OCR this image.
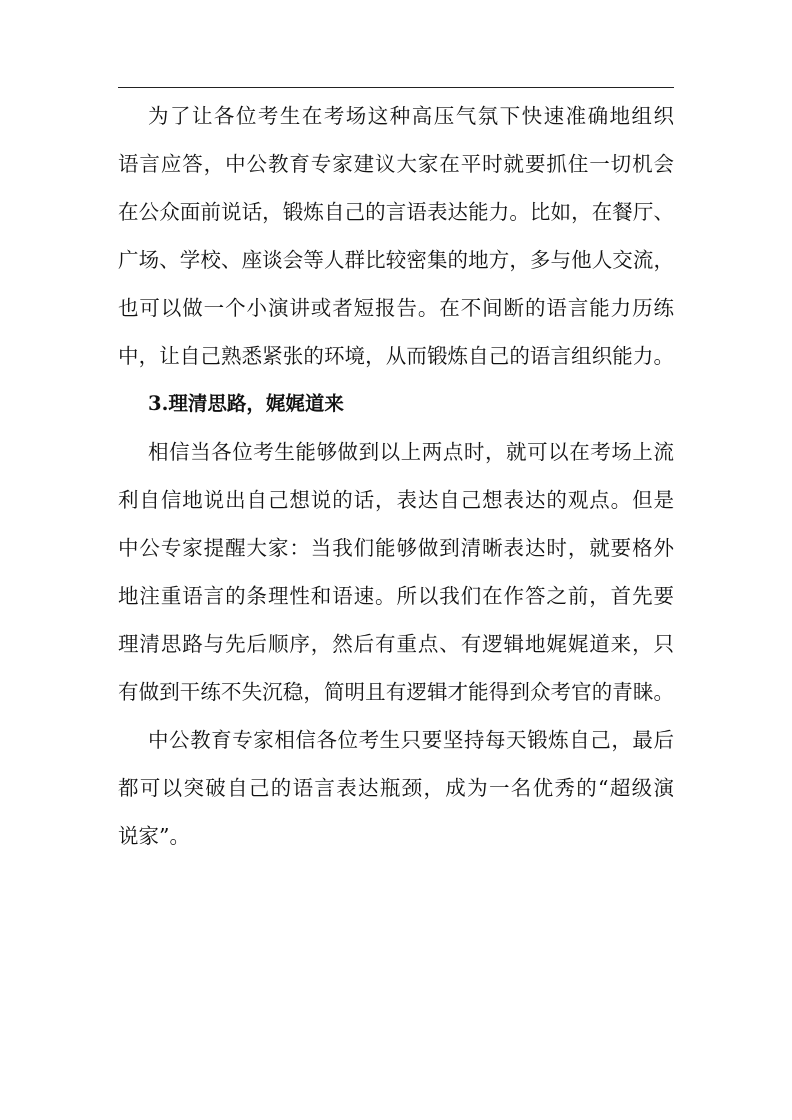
为了让各位考生在考场这种高压气氛下快速准确地组织
语言应答，中公教育专家建议大家在平时就要抓住一切机会
在公众面前说话，锻炼自己的言语表达能力。比如，在餐厅、
广场、学校、座谈会等人群比较密集的地方，多与他人交流，
也可以做一个小演讲或者短报告。在不间断的语言能力历练
中，让自己熟悉紧张的环境，从而锻炼自己的语言组织能力。
3.理清思路，娓娓道来
相信当各位考生能够做到以上两点时，就可以在考场上流
利自信地说出自己想说的话，表达自己想表达的观点。但是
中公专家提醒大家：当我们能够做到清晰表达时，就要格外
地注重语言的条理性和语速。所以我们在作答之前，首先要
理清思路与先后顺序，然后有重点、有逻辑地娓娓道来，只
有做到干练不失沉稳，简明且有逻辑才能得到众考官的青睐。
中公教育专家相信各位考生只要坚持每天锻炼自己，最后
都可以突破自己的语言表达瓶颈，成为一名优秀的“超级演
说家”。
